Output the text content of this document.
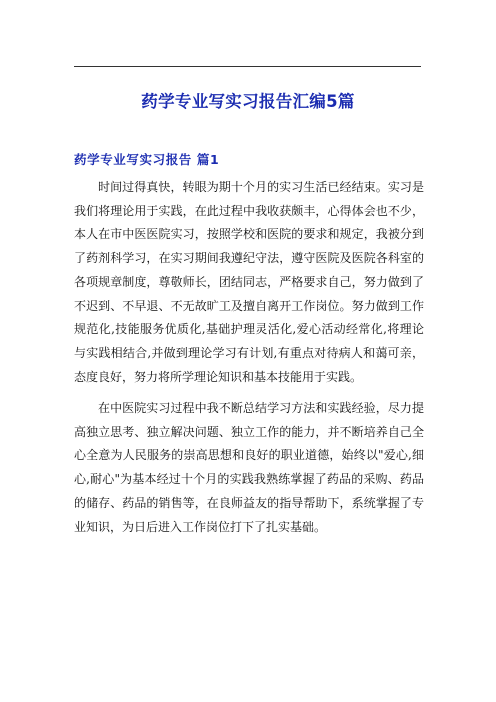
药学专业写实习报告汇编5篇
药学专业写实习报告 篇1

时间过得真快，转眼为期十个月的实习生活已经结束。实习是我们将理论用于实践，在此过程中我收获颇丰，心得体会也不少，本人在市中医医院实习，按照学校和医院的要求和规定，我被分到了药剂科学习，在实习期间我遵纪守法，遵守医院及医院各科室的各项规章制度，尊敬师长，团结同志，严格要求自己，努力做到了不迟到、不早退、不无故旷工及擅自离开工作岗位。努力做到工作规范化,技能服务优质化,基础护理灵活化,爱心活动经常化,将理论与实践相结合,并做到理论学习有计划,有重点对待病人和蔼可亲，态度良好，努力将所学理论知识和基本技能用于实践。

在中医院实习过程中我不断总结学习方法和实践经验，尽力提高独立思考、独立解决问题、独立工作的能力，并不断培养自己全心全意为人民服务的崇高思想和良好的职业道德，始终以"爱心,细心,耐心"为基本经过十个月的实践我熟练掌握了药品的采购、药品的储存、药品的销售等，在良师益友的指导帮助下，系统掌握了专业知识，为日后进入工作岗位打下了扎实基础。
